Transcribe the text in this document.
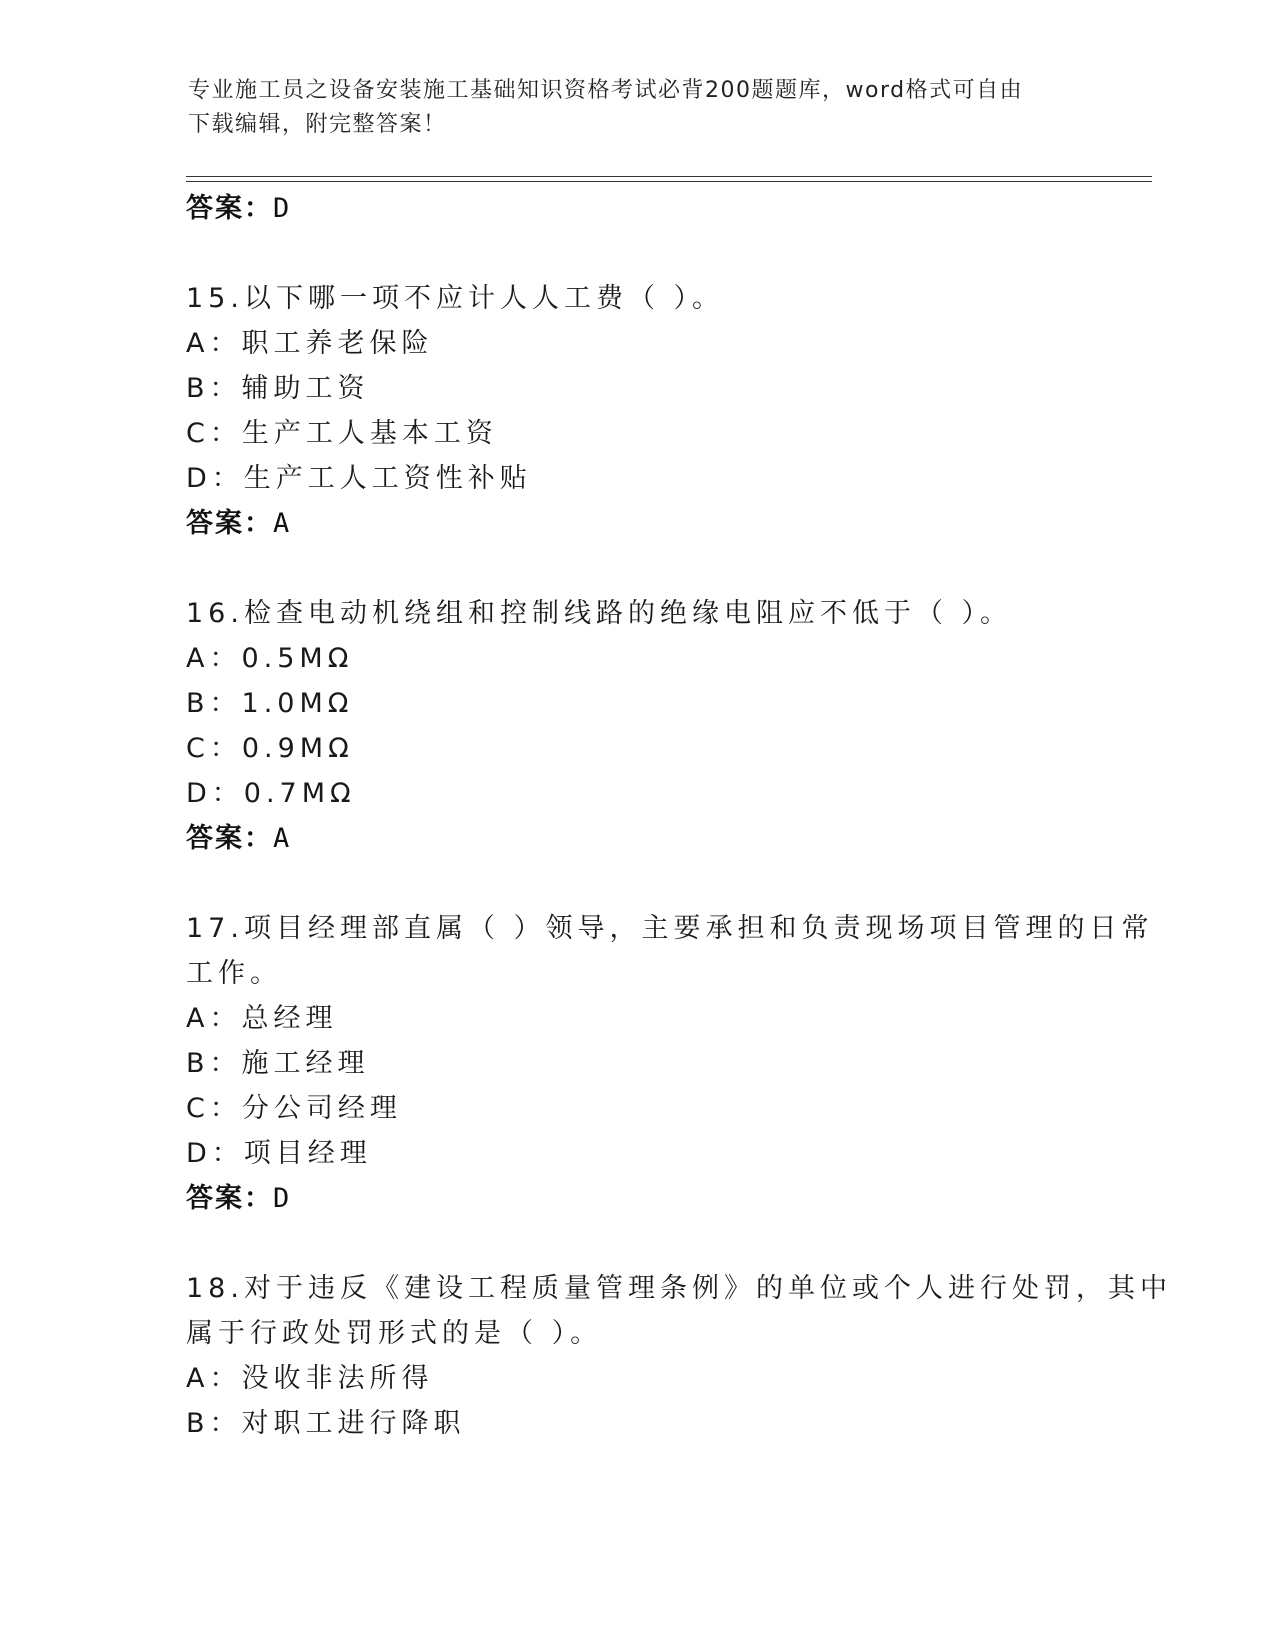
专业施工员之设备安装施工基础知识资格考试必背200题题库，word格式可自由
下载编辑，附完整答案！
答案：D
15.以下哪一项不应计人人工费（ ）。
A：职工养老保险
B：辅助工资
C：生产工人基本工资
D：生产工人工资性补贴
答案：A
16.检查电动机绕组和控制线路的绝缘电阻应不低于（ ）。
A：0.5MΩ
B：1.0MΩ
C：0.9MΩ
D：0.7MΩ
答案：A
17.项目经理部直属（ ）领导，主要承担和负责现场项目管理的日常
工作。
A：总经理
B：施工经理
C：分公司经理
D：项目经理
答案：D
18.对于违反《建设工程质量管理条例》的单位或个人进行处罚，其中
属于行政处罚形式的是（ ）。
A：没收非法所得
B：对职工进行降职
